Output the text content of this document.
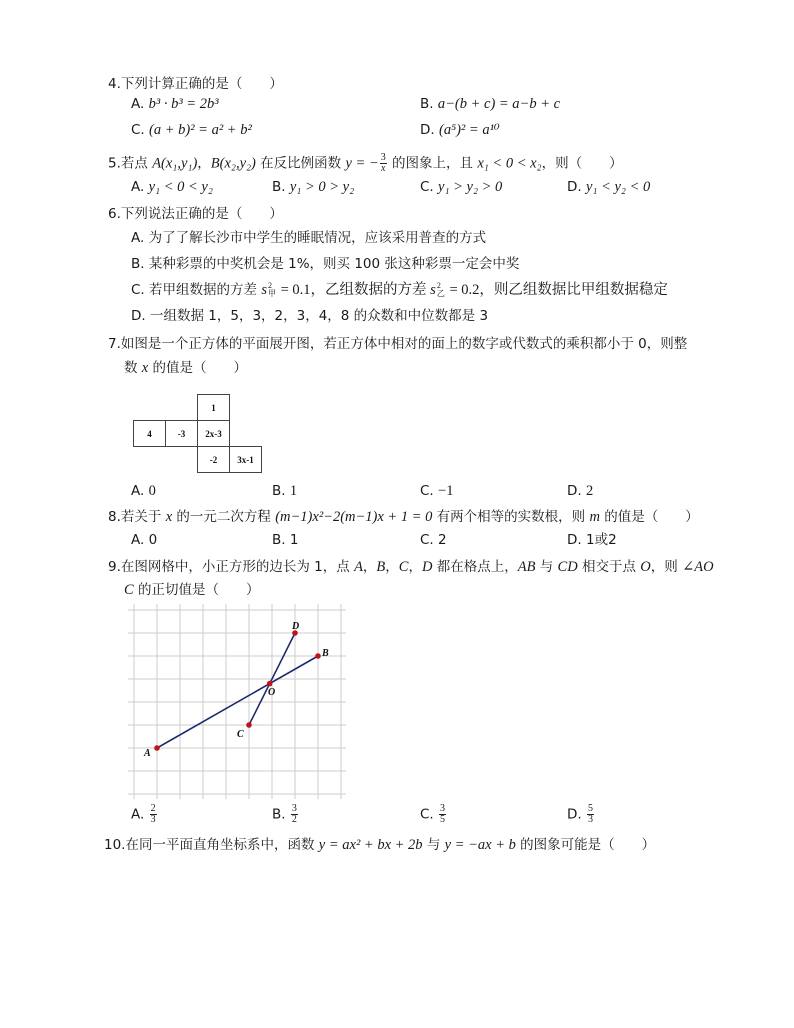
4.下列计算正确的是（　　）
A. b³ · b³ = 2b³	B. a−(b + c) = a−b + c
C. (a + b)² = a² + b²	D. (a⁵)² = a¹⁰
5.若点 A(x₁,y₁)，B(x₂,y₂) 在反比例函数 y = − $\frac{3}{x}$ 的图象上，且 x₁ < 0 < x₂，则（　　）
A. y₁ < 0 < y₂	B. y₁ > 0 > y₂	C. y₁ > y₂ > 0	D. y₁ < y₂ < 0
6.下列说法正确的是（　　）
A. 为了了解长沙市中学生的睡眠情况，应该采用普查的方式
B. 某种彩票的中奖机会是 1%，则买 100 张这种彩票一定会中奖
C. 若甲组数据的方差 s 2
甲 = 0.1，乙组数据的方差 s 2
乙 = 0.2，则乙组数据比甲组数据稳定
D. 一组数据 1，5，3，2，3，4，8 的众数和中位数都是 3
7.如图是一个正方体的平面展开图，若正方体中相对的面上的数字或代数式的乘积都小于 0，则整
数 x 的值是（　　）
1
4	-3	2x-3
-2	3x-1
A. 0	B. 1	C. −1	D. 2
8.若关于 x 的一元二次方程 (m−1)x²−2(m−1)x + 1 = 0 有两个相等的实数根，则 m 的值是（　　）
A. 0	B. 1	C. 2	D. 1或2
9.在图网格中，小正方形的边长为 1，点 A，B，C，D 都在格点上，AB 与 CD 相交于点 O，则 ∠AO
C 的正切值是（　　）
A
B
C
D
O
A. $\frac{2}{3}$	B. $\frac{3}{2}$	C. $\frac{3}{5}$	D. $\frac{5}{3}$
10.在同一平面直角坐标系中，函数 y = ax² + bx + 2b 与 y = −ax + b 的图象可能是（　　）
